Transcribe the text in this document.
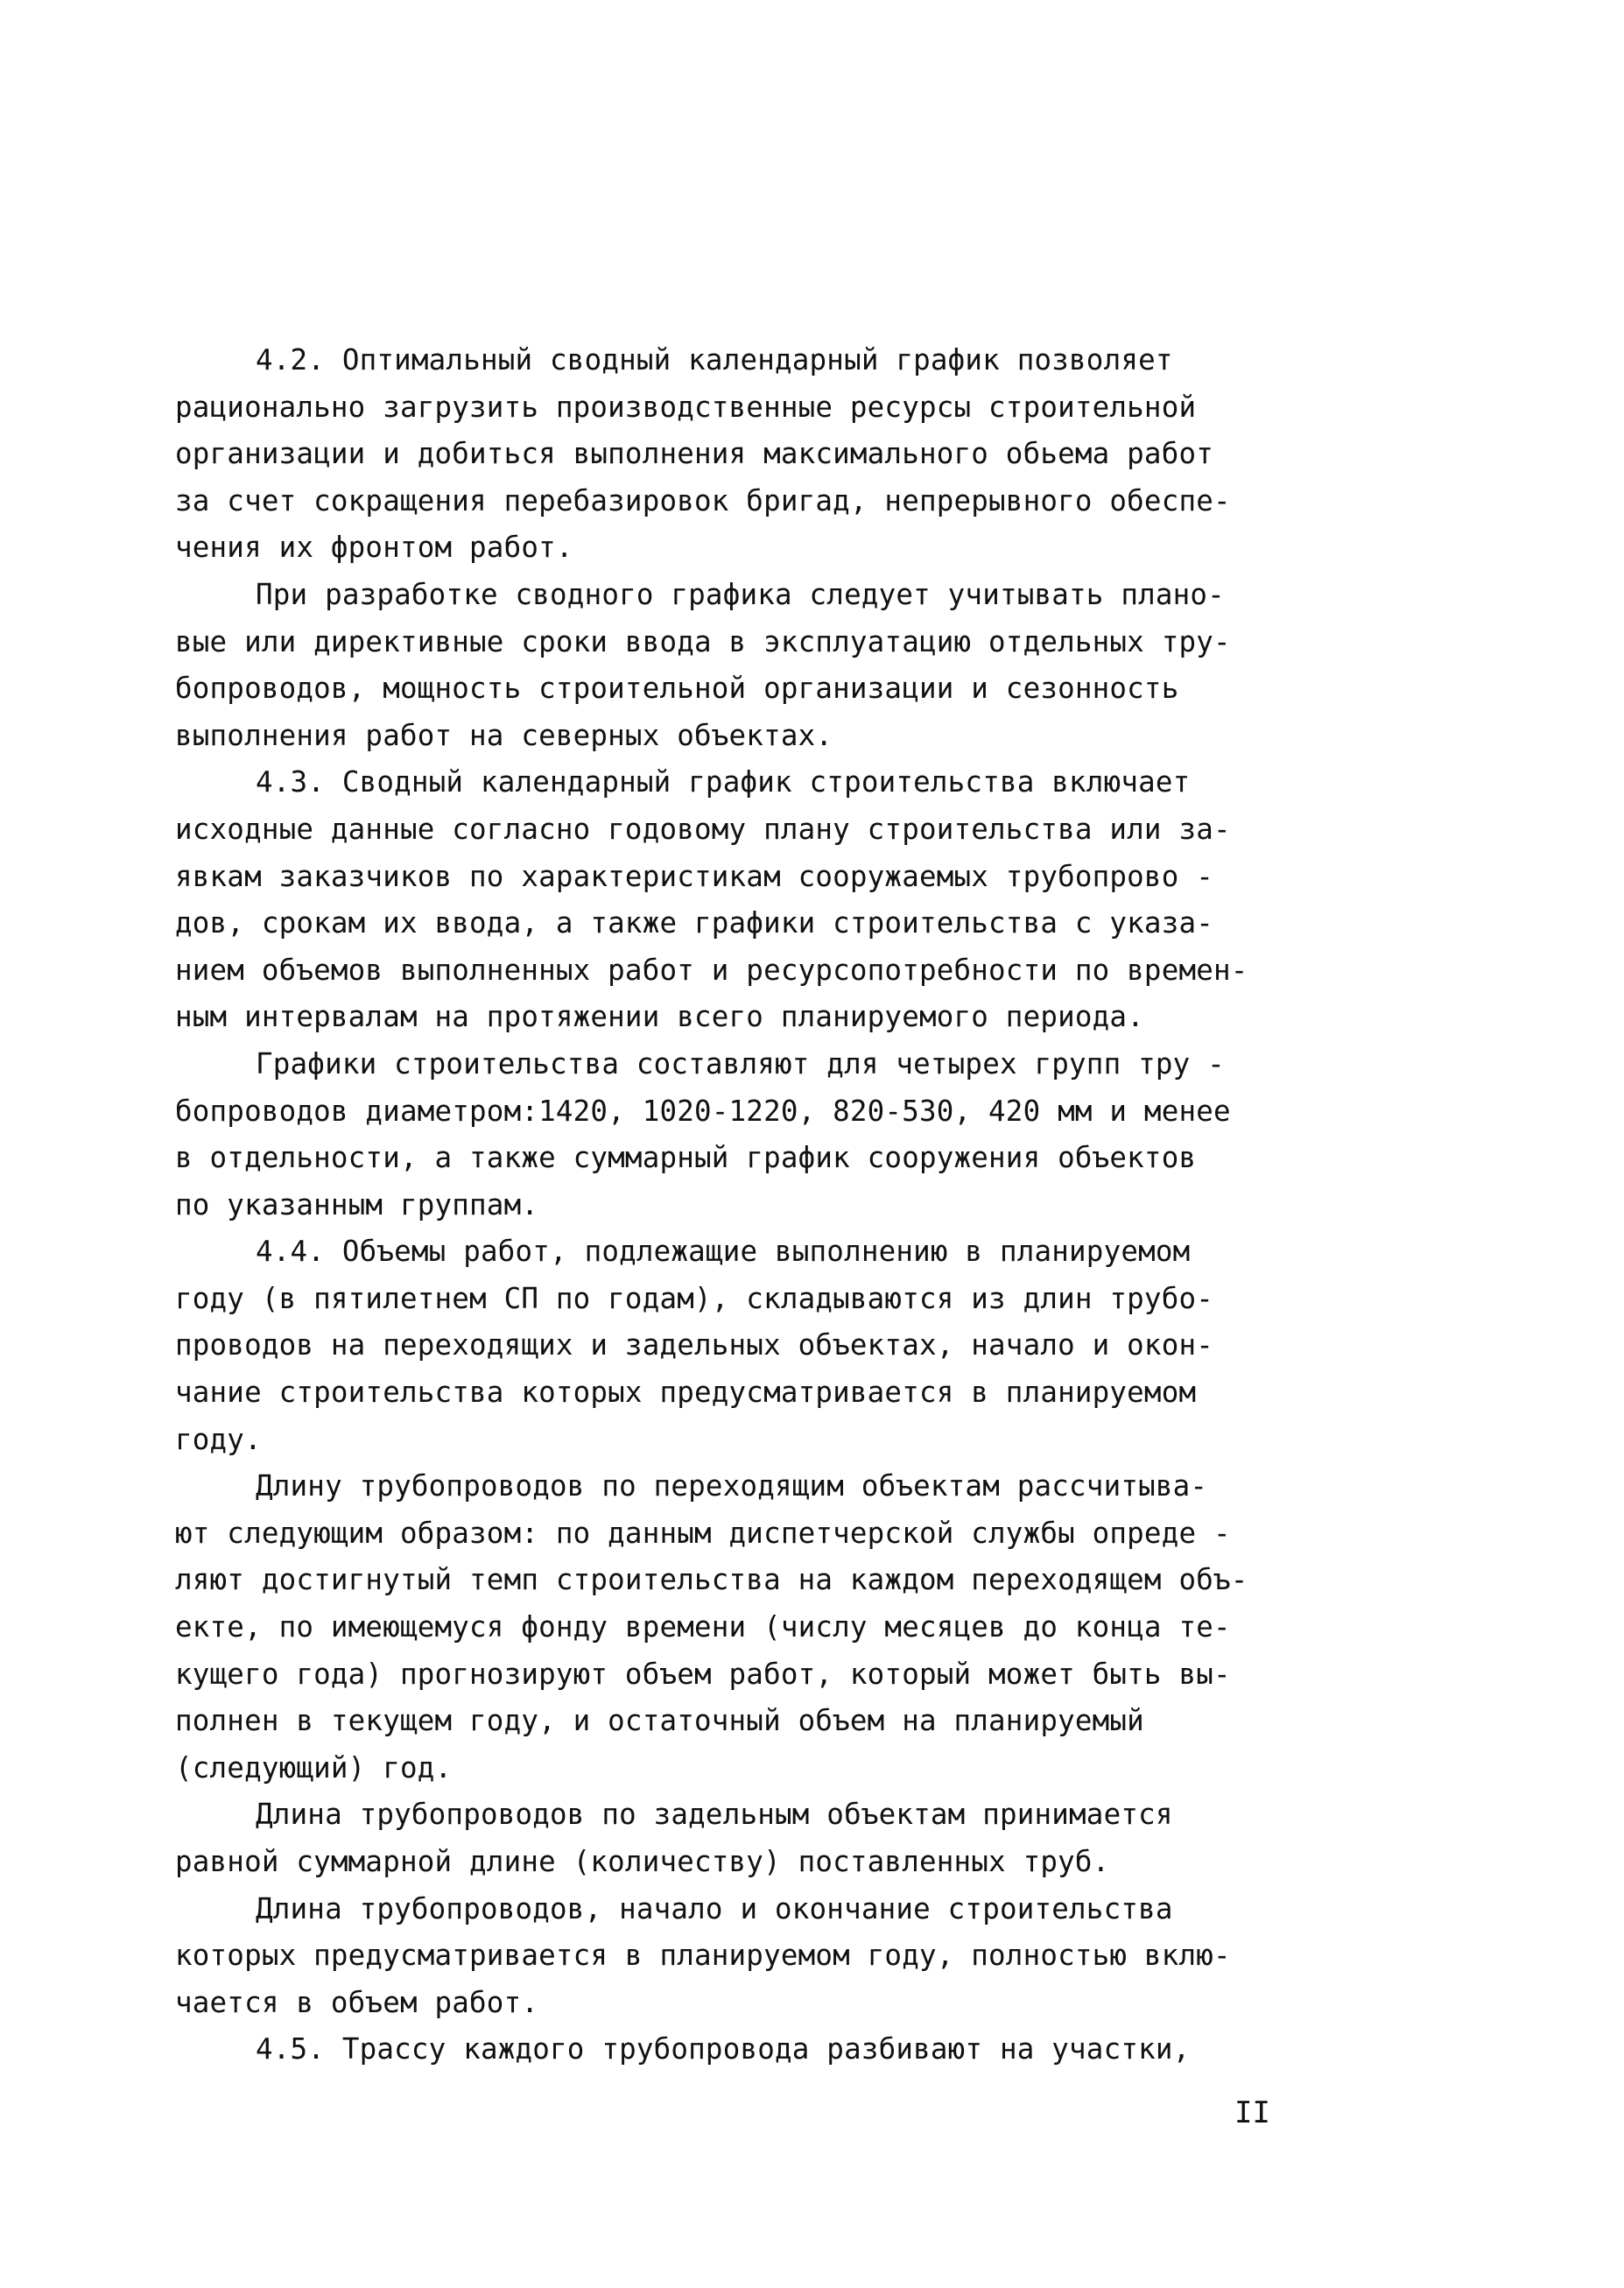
4.2. Оптимальный сводный календарный график позволяет
рационально загрузить производственные ресурсы строительной
организации и добиться выполнения максимального обьема работ
за счет сокращения перебазировок бригад, непрерывного обеспе-
чения их фронтом работ.
При разработке сводного графика следует учитывать плано-
вые или директивные сроки ввода в эксплуатацию отдельных тру-
бопроводов, мощность строительной организации и сезонность
выполнения работ на северных объектах.
4.3. Сводный календарный график строительства включает
исходные данные согласно годовому плану строительства или за-
явкам заказчиков по характеристикам сооружаемых трубопрово -
дов, срокам их ввода, а также графики строительства с указа-
нием объемов выполненных работ и ресурсопотребности по времен-
ным интервалам на протяжении всего планируемого периода.
Графики строительства составляют для четырех групп тру -
бопроводов диаметром:1420, 1020-1220, 820-530, 420 мм и менее
в отдельности, а также суммарный график сооружения объектов
по указанным группам.
4.4. Объемы работ, подлежащие выполнению в планируемом
году (в пятилетнем СП по годам), складываются из длин трубо-
проводов на переходящих и задельных объектах, начало и окон-
чание строительства которых предусматривается в планируемом
году.
Длину трубопроводов по переходящим объектам рассчитыва-
ют следующим образом: по данным диспетчерской службы опреде -
ляют достигнутый темп строительства на каждом переходящем объ-
екте, по имеющемуся фонду времени (числу месяцев до конца те-
кущего года) прогнозируют объем работ, который может быть вы-
полнен в текущем году, и остаточный объем на планируемый
(следующий) год.
Длина трубопроводов по задельным объектам принимается
равной суммарной длине (количеству) поставленных труб.
Длина трубопроводов, начало и окончание строительства
которых предусматривается в планируемом году, полностью вклю-
чается в объем работ.
4.5. Трассу каждого трубопровода разбивают на участки,
II
